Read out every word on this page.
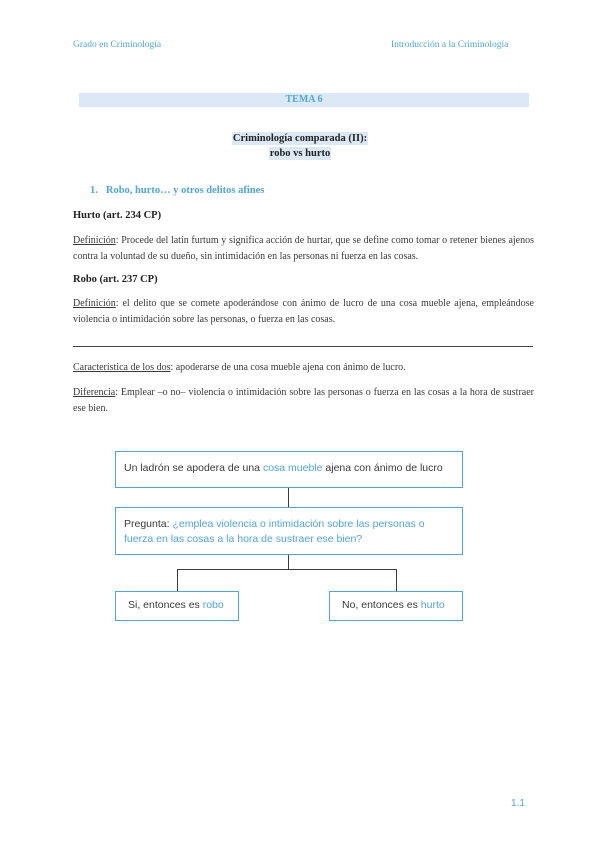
Grado en Criminología	Introducción a la Criminología
TEMA 6
Criminología comparada (II):
robo vs hurto
1. Robo, hurto… y otros delitos afines
Hurto (art. 234 CP)
Definición: Procede del latín furtum y significa acción de hurtar, que se define como tomar o retener bienes ajenos contra la voluntad de su dueño, sin intimidación en las personas ni fuerza en las cosas.
Robo (art. 237 CP)
Definición: el delito que se comete apoderándose con ánimo de lucro de una cosa mueble ajena, empleándose violencia o intimidación sobre las personas, o fuerza en las cosas.
Característica de los dos: apoderarse de una cosa mueble ajena con ánimo de lucro.
Diferencia: Emplear –o no– violencia o intimidación sobre las personas o fuerza en las cosas a la hora de sustraer ese bien.
Un ladrón se apodera de una cosa mueble ajena con ánimo de lucro
Pregunta: ¿emplea violencia o intimidación sobre las personas o fuerza en las cosas a la hora de sustraer ese bien?
Si, entonces es robo	No, entonces es hurto
1.1
